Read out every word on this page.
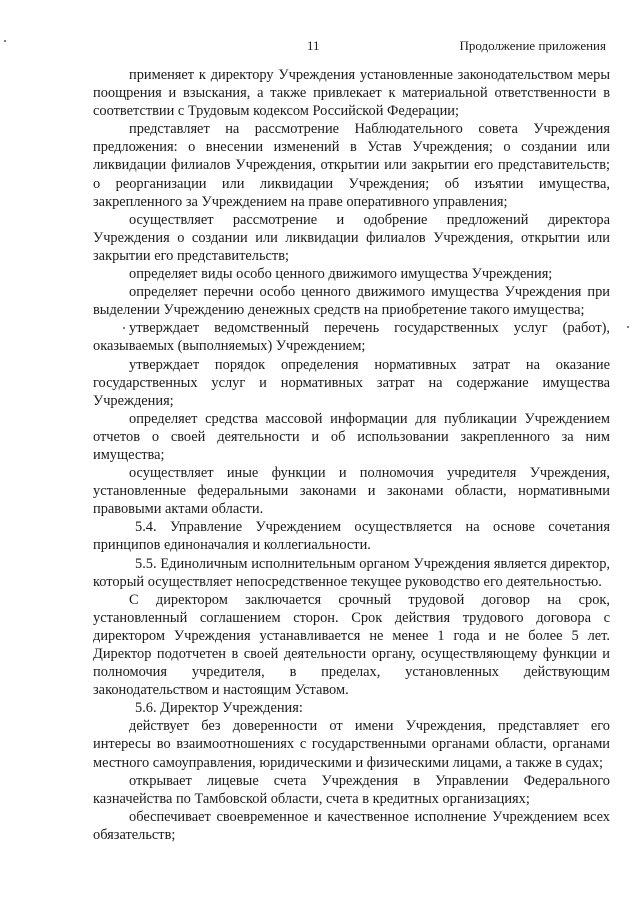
11	Продолжение приложения

применяет к директору Учреждения установленные законодательством меры поощрения и взыскания, а также привлекает к материальной ответственности в соответствии с Трудовым кодексом Российской Федерации;

представляет на рассмотрение Наблюдательного совета Учреждения предложения: о внесении изменений в Устав Учреждения; о создании или ликвидации филиалов Учреждения, открытии или закрытии его представительств; о реорганизации или ликвидации Учреждения; об изъятии имущества, закрепленного за Учреждением на праве оперативного управления;

осуществляет рассмотрение и одобрение предложений директора Учреждения о создании или ликвидации филиалов Учреждения, открытии или закрытии его представительств;

определяет виды особо ценного движимого имущества Учреждения;

определяет перечни особо ценного движимого имущества Учреждения при выделении Учреждению денежных средств на приобретение такого имущества;

утверждает ведомственный перечень государственных услуг (работ), оказываемых (выполняемых) Учреждением;

утверждает порядок определения нормативных затрат на оказание государственных услуг и нормативных затрат на содержание имущества Учреждения;

определяет средства массовой информации для публикации Учреждением отчетов о своей деятельности и об использовании закрепленного за ним имущества;

осуществляет иные функции и полномочия учредителя Учреждения, установленные федеральными законами и законами области, нормативными правовыми актами области.

5.4. Управление Учреждением осуществляется на основе сочетания принципов единоначалия и коллегиальности.

5.5. Единоличным исполнительным органом Учреждения является директор, который осуществляет непосредственное текущее руководство его деятельностью.

С директором заключается срочный трудовой договор на срок, установленный соглашением сторон. Срок действия трудового договора с директором Учреждения устанавливается не менее 1 года и не более 5 лет. Директор подотчетен в своей деятельности органу, осуществляющему функции и полномочия учредителя, в пределах, установленных действующим законодательством и настоящим Уставом.

5.6. Директор Учреждения:

действует без доверенности от имени Учреждения, представляет его интересы во взаимоотношениях с государственными органами области, органами местного самоуправления, юридическими и физическими лицами, а также в судах;

открывает лицевые счета Учреждения в Управлении Федерального казначейства по Тамбовской области, счета в кредитных организациях;

обеспечивает своевременное и качественное исполнение Учреждением всех обязательств;
